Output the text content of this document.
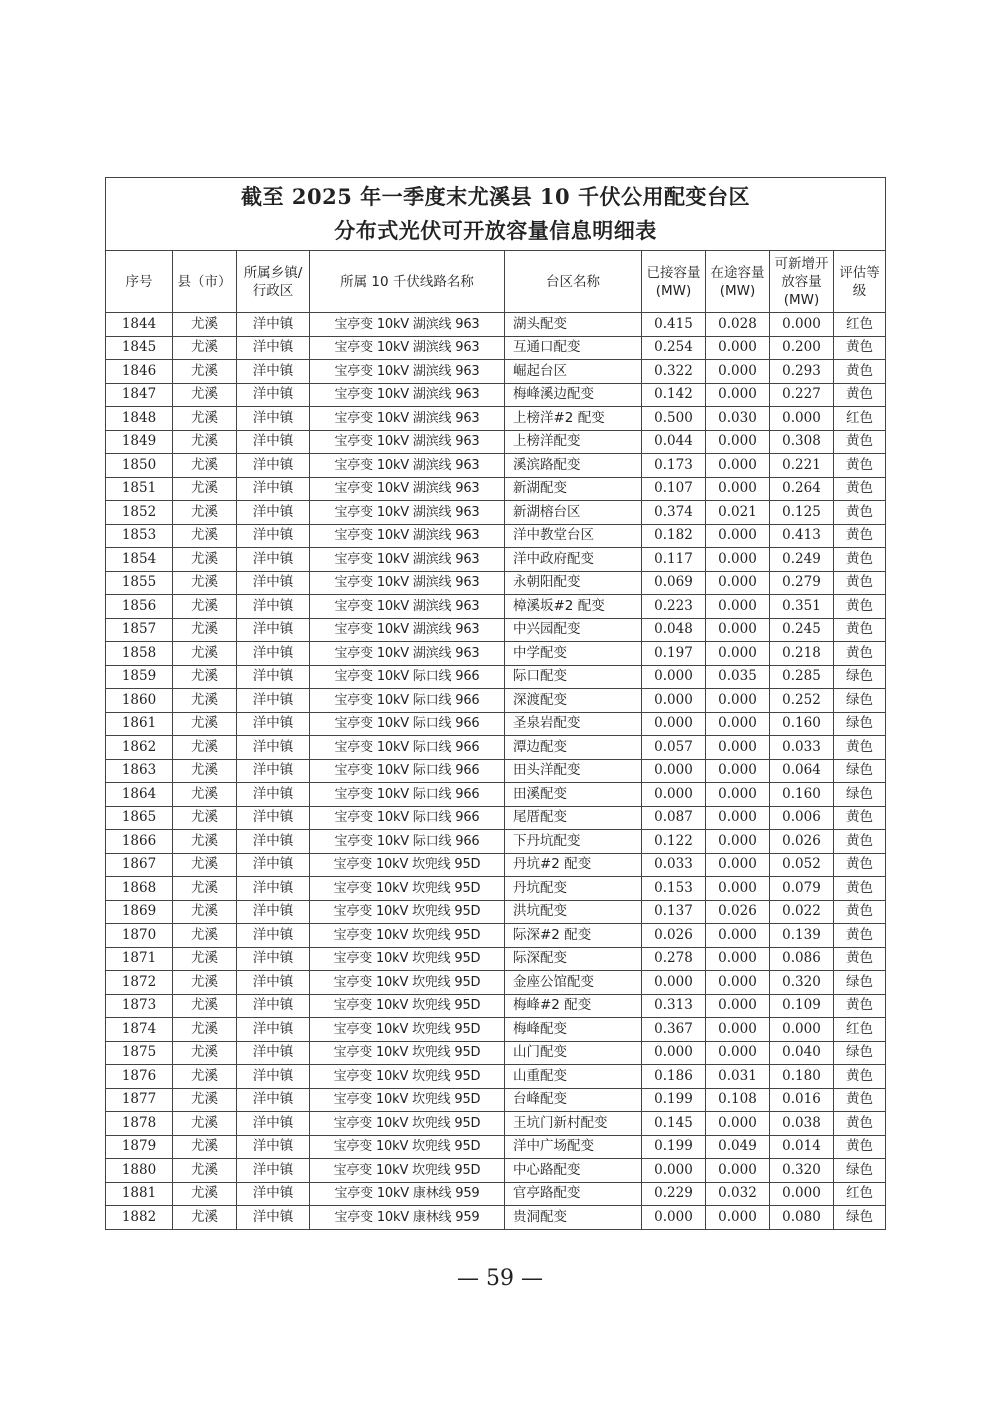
截至 2025 年一季度末尤溪县 10 千伏公用配变台区
分布式光伏可开放容量信息明细表								

序号	县（市）	所属乡镇/行政区	所属 10 千伏线路名称	台区名称	已接容量(MW)	在途容量(MW)	可新增开放容量(MW)	评估等级
1844	尤溪	洋中镇	宝亭变 10kV 湖滨线 963	湖头配变	0.415	0.028	0.000	红色
1845	尤溪	洋中镇	宝亭变 10kV 湖滨线 963	互通口配变	0.254	0.000	0.200	黄色
1846	尤溪	洋中镇	宝亭变 10kV 湖滨线 963	崛起台区	0.322	0.000	0.293	黄色
1847	尤溪	洋中镇	宝亭变 10kV 湖滨线 963	梅峰溪边配变	0.142	0.000	0.227	黄色
1848	尤溪	洋中镇	宝亭变 10kV 湖滨线 963	上榜洋#2 配变	0.500	0.030	0.000	红色
1849	尤溪	洋中镇	宝亭变 10kV 湖滨线 963	上榜洋配变	0.044	0.000	0.308	黄色
1850	尤溪	洋中镇	宝亭变 10kV 湖滨线 963	溪滨路配变	0.173	0.000	0.221	黄色
1851	尤溪	洋中镇	宝亭变 10kV 湖滨线 963	新湖配变	0.107	0.000	0.264	黄色
1852	尤溪	洋中镇	宝亭变 10kV 湖滨线 963	新湖榕台区	0.374	0.021	0.125	黄色
1853	尤溪	洋中镇	宝亭变 10kV 湖滨线 963	洋中教堂台区	0.182	0.000	0.413	黄色
1854	尤溪	洋中镇	宝亭变 10kV 湖滨线 963	洋中政府配变	0.117	0.000	0.249	黄色
1855	尤溪	洋中镇	宝亭变 10kV 湖滨线 963	永朝阳配变	0.069	0.000	0.279	黄色
1856	尤溪	洋中镇	宝亭变 10kV 湖滨线 963	樟溪坂#2 配变	0.223	0.000	0.351	黄色
1857	尤溪	洋中镇	宝亭变 10kV 湖滨线 963	中兴园配变	0.048	0.000	0.245	黄色
1858	尤溪	洋中镇	宝亭变 10kV 湖滨线 963	中学配变	0.197	0.000	0.218	黄色
1859	尤溪	洋中镇	宝亭变 10kV 际口线 966	际口配变	0.000	0.035	0.285	绿色
1860	尤溪	洋中镇	宝亭变 10kV 际口线 966	深渡配变	0.000	0.000	0.252	绿色
1861	尤溪	洋中镇	宝亭变 10kV 际口线 966	圣泉岩配变	0.000	0.000	0.160	绿色
1862	尤溪	洋中镇	宝亭变 10kV 际口线 966	潭边配变	0.057	0.000	0.033	黄色
1863	尤溪	洋中镇	宝亭变 10kV 际口线 966	田头洋配变	0.000	0.000	0.064	绿色
1864	尤溪	洋中镇	宝亭变 10kV 际口线 966	田溪配变	0.000	0.000	0.160	绿色
1865	尤溪	洋中镇	宝亭变 10kV 际口线 966	尾厝配变	0.087	0.000	0.006	黄色
1866	尤溪	洋中镇	宝亭变 10kV 际口线 966	下丹坑配变	0.122	0.000	0.026	黄色
1867	尤溪	洋中镇	宝亭变 10kV 坎兜线 95D	丹坑#2 配变	0.033	0.000	0.052	黄色
1868	尤溪	洋中镇	宝亭变 10kV 坎兜线 95D	丹坑配变	0.153	0.000	0.079	黄色
1869	尤溪	洋中镇	宝亭变 10kV 坎兜线 95D	洪坑配变	0.137	0.026	0.022	黄色
1870	尤溪	洋中镇	宝亭变 10kV 坎兜线 95D	际深#2 配变	0.026	0.000	0.139	黄色
1871	尤溪	洋中镇	宝亭变 10kV 坎兜线 95D	际深配变	0.278	0.000	0.086	黄色
1872	尤溪	洋中镇	宝亭变 10kV 坎兜线 95D	金座公馆配变	0.000	0.000	0.320	绿色
1873	尤溪	洋中镇	宝亭变 10kV 坎兜线 95D	梅峰#2 配变	0.313	0.000	0.109	黄色
1874	尤溪	洋中镇	宝亭变 10kV 坎兜线 95D	梅峰配变	0.367	0.000	0.000	红色
1875	尤溪	洋中镇	宝亭变 10kV 坎兜线 95D	山门配变	0.000	0.000	0.040	绿色
1876	尤溪	洋中镇	宝亭变 10kV 坎兜线 95D	山重配变	0.186	0.031	0.180	黄色
1877	尤溪	洋中镇	宝亭变 10kV 坎兜线 95D	台峰配变	0.199	0.108	0.016	黄色
1878	尤溪	洋中镇	宝亭变 10kV 坎兜线 95D	王坑门新村配变	0.145	0.000	0.038	黄色
1879	尤溪	洋中镇	宝亭变 10kV 坎兜线 95D	洋中广场配变	0.199	0.049	0.014	黄色
1880	尤溪	洋中镇	宝亭变 10kV 坎兜线 95D	中心路配变	0.000	0.000	0.320	绿色
1881	尤溪	洋中镇	宝亭变 10kV 康林线 959	官亭路配变	0.229	0.032	0.000	红色
1882	尤溪	洋中镇	宝亭变 10kV 康林线 959	贵洞配变	0.000	0.000	0.080	绿色
— 59 —
